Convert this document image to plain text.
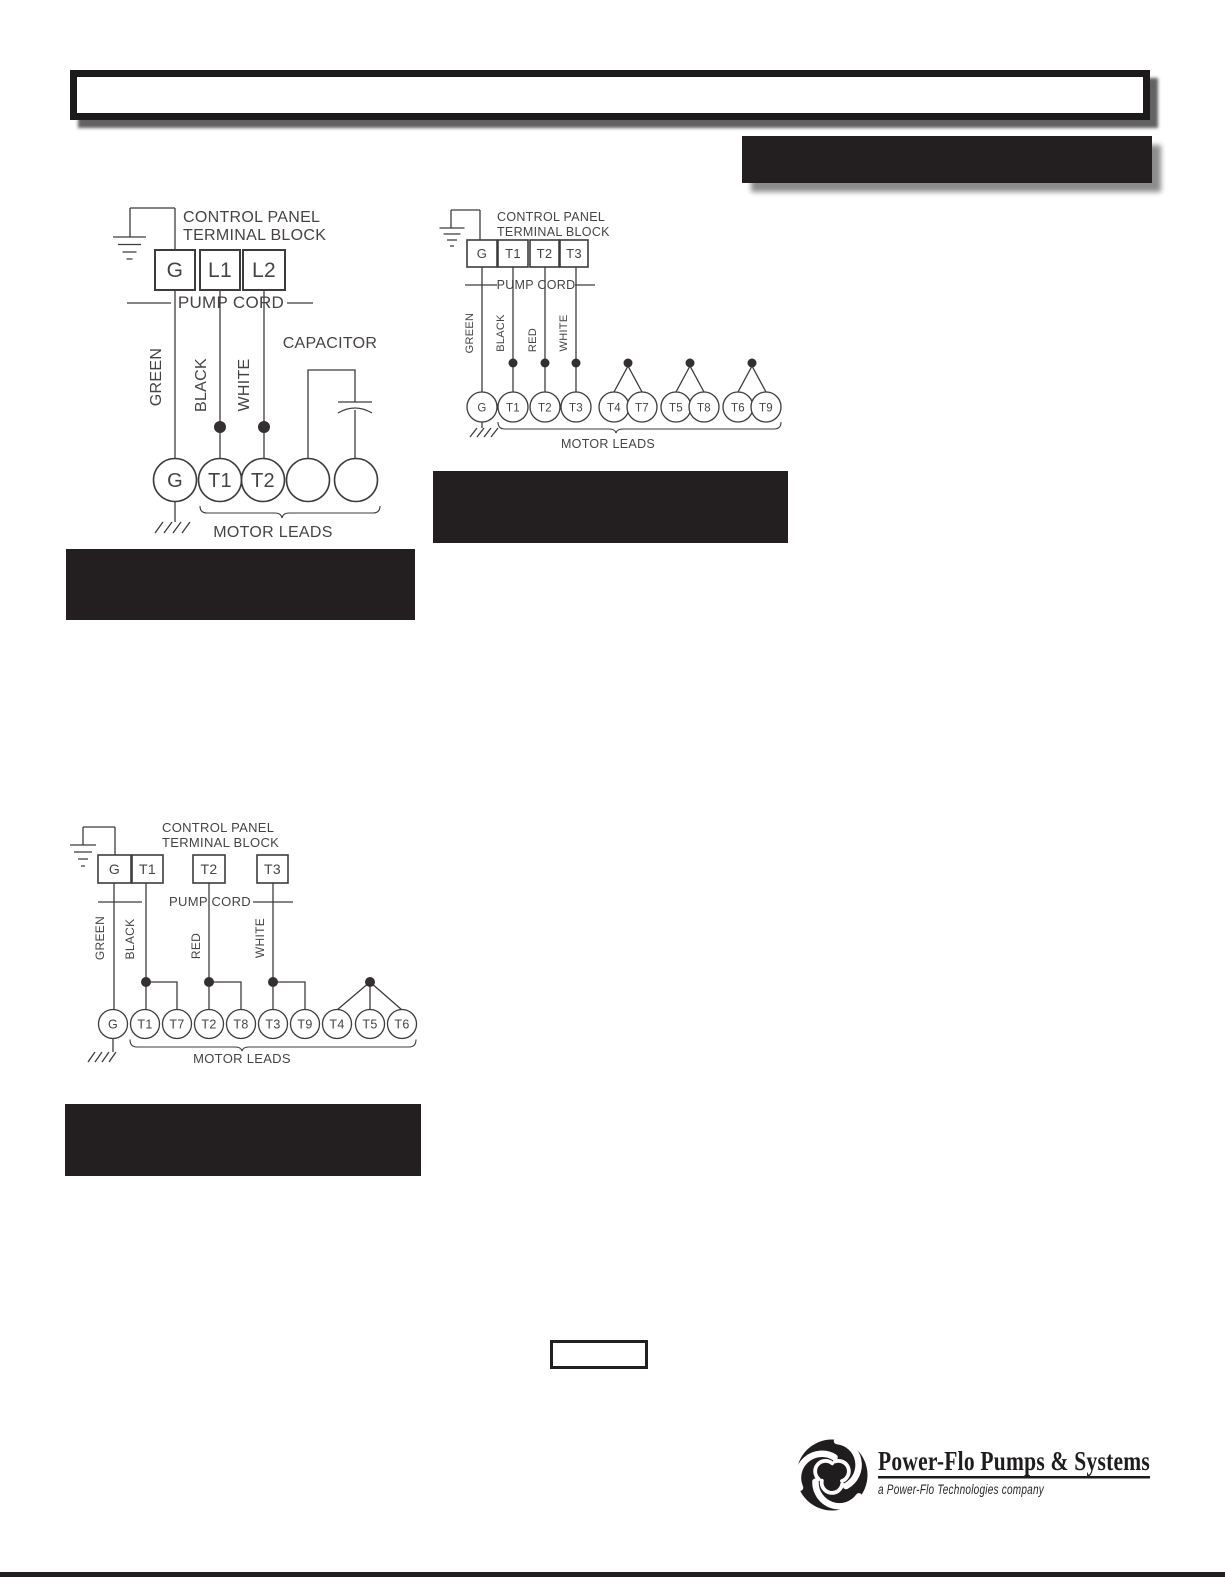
CONTROL PANEL
TERMINAL BLOCK
G L1 L2
PUMP CORD
GREEN BLACK WHITE
CAPACITOR
G T1 T2
MOTOR LEADS
CONTROL PANEL
TERMINAL BLOCK
G T1 T2 T3
PUMP CORD
GREEN BLACK RED WHITE
G T1 T2 T3 T4 T7 T5 T8 T6 T9
MOTOR LEADS
CONTROL PANEL
TERMINAL BLOCK
G T1	T2	T3
PUMP CORD
GREEN BLACK	RED	WHITE
G T1 T7 T2 T8 T3 T9 T4 T5 T6
MOTOR LEADS
Power-Flo Pumps & Systems
a Power-Flo Technologies company
